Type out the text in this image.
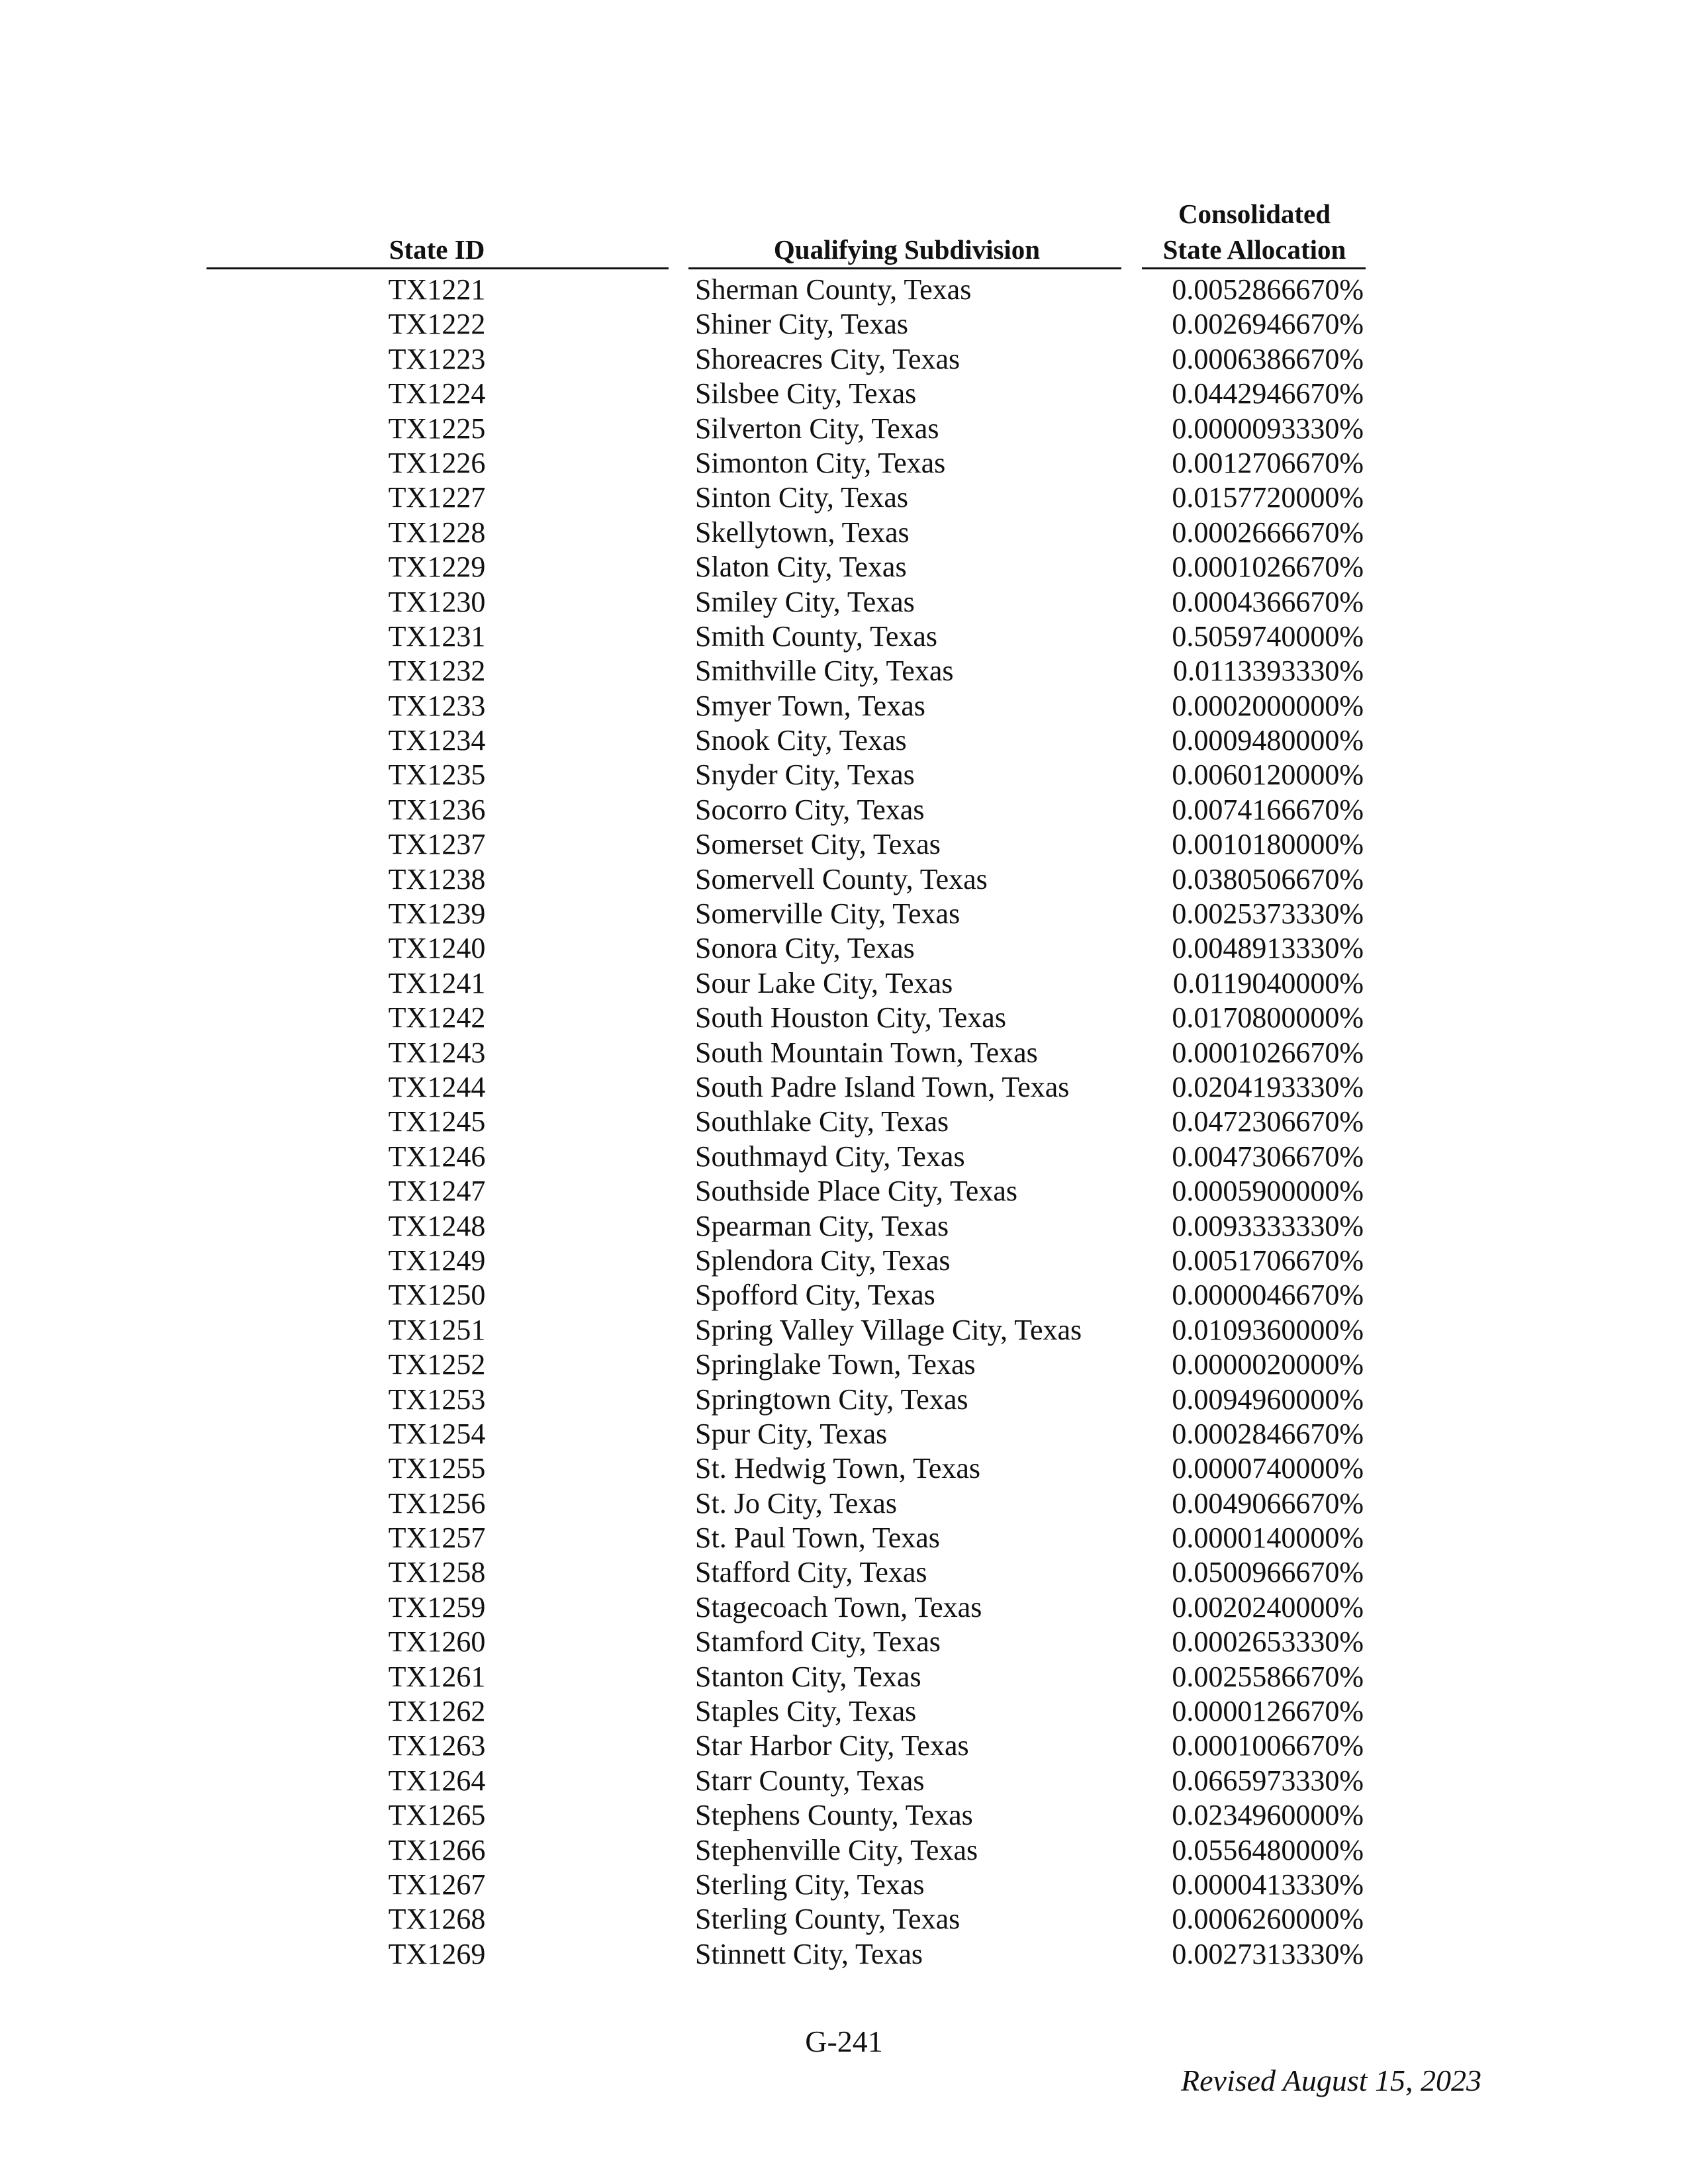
State ID	Qualifying Subdivision
Consolidated
State Allocation
TX1221	Sherman County, Texas	0.0052866670%
TX1222	Shiner City, Texas	0.0026946670%
TX1223	Shoreacres City, Texas	0.0006386670%
TX1224	Silsbee City, Texas	0.0442946670%
TX1225	Silverton City, Texas	0.0000093330%
TX1226	Simonton City, Texas	0.0012706670%
TX1227	Sinton City, Texas	0.0157720000%
TX1228	Skellytown, Texas	0.0002666670%
TX1229	Slaton City, Texas	0.0001026670%
TX1230	Smiley City, Texas	0.0004366670%
TX1231	Smith County, Texas	0.5059740000%
TX1232	Smithville City, Texas	0.0113393330%
TX1233	Smyer Town, Texas	0.0002000000%
TX1234	Snook City, Texas	0.0009480000%
TX1235	Snyder City, Texas	0.0060120000%
TX1236	Socorro City, Texas	0.0074166670%
TX1237	Somerset City, Texas	0.0010180000%
TX1238	Somervell County, Texas	0.0380506670%
TX1239	Somerville City, Texas	0.0025373330%
TX1240	Sonora City, Texas	0.0048913330%
TX1241	Sour Lake City, Texas	0.0119040000%
TX1242	South Houston City, Texas	0.0170800000%
TX1243	South Mountain Town, Texas	0.0001026670%
TX1244	South Padre Island Town, Texas	0.0204193330%
TX1245	Southlake City, Texas	0.0472306670%
TX1246	Southmayd City, Texas	0.0047306670%
TX1247	Southside Place City, Texas	0.0005900000%
TX1248	Spearman City, Texas	0.0093333330%
TX1249	Splendora City, Texas	0.0051706670%
TX1250	Spofford City, Texas	0.0000046670%
TX1251	Spring Valley Village City, Texas	0.0109360000%
TX1252	Springlake Town, Texas	0.0000020000%
TX1253	Springtown City, Texas	0.0094960000%
TX1254	Spur City, Texas	0.0002846670%
TX1255	St. Hedwig Town, Texas	0.0000740000%
TX1256	St. Jo City, Texas	0.0049066670%
TX1257	St. Paul Town, Texas	0.0000140000%
TX1258	Stafford City, Texas	0.0500966670%
TX1259	Stagecoach Town, Texas	0.0020240000%
TX1260	Stamford City, Texas	0.0002653330%
TX1261	Stanton City, Texas	0.0025586670%
TX1262	Staples City, Texas	0.0000126670%
TX1263	Star Harbor City, Texas	0.0001006670%
TX1264	Starr County, Texas	0.0665973330%
TX1265	Stephens County, Texas	0.0234960000%
TX1266	Stephenville City, Texas	0.0556480000%
TX1267	Sterling City, Texas	0.0000413330%
TX1268	Sterling County, Texas	0.0006260000%
TX1269	Stinnett City, Texas	0.0027313330%
G-241
Revised August 15, 2023
